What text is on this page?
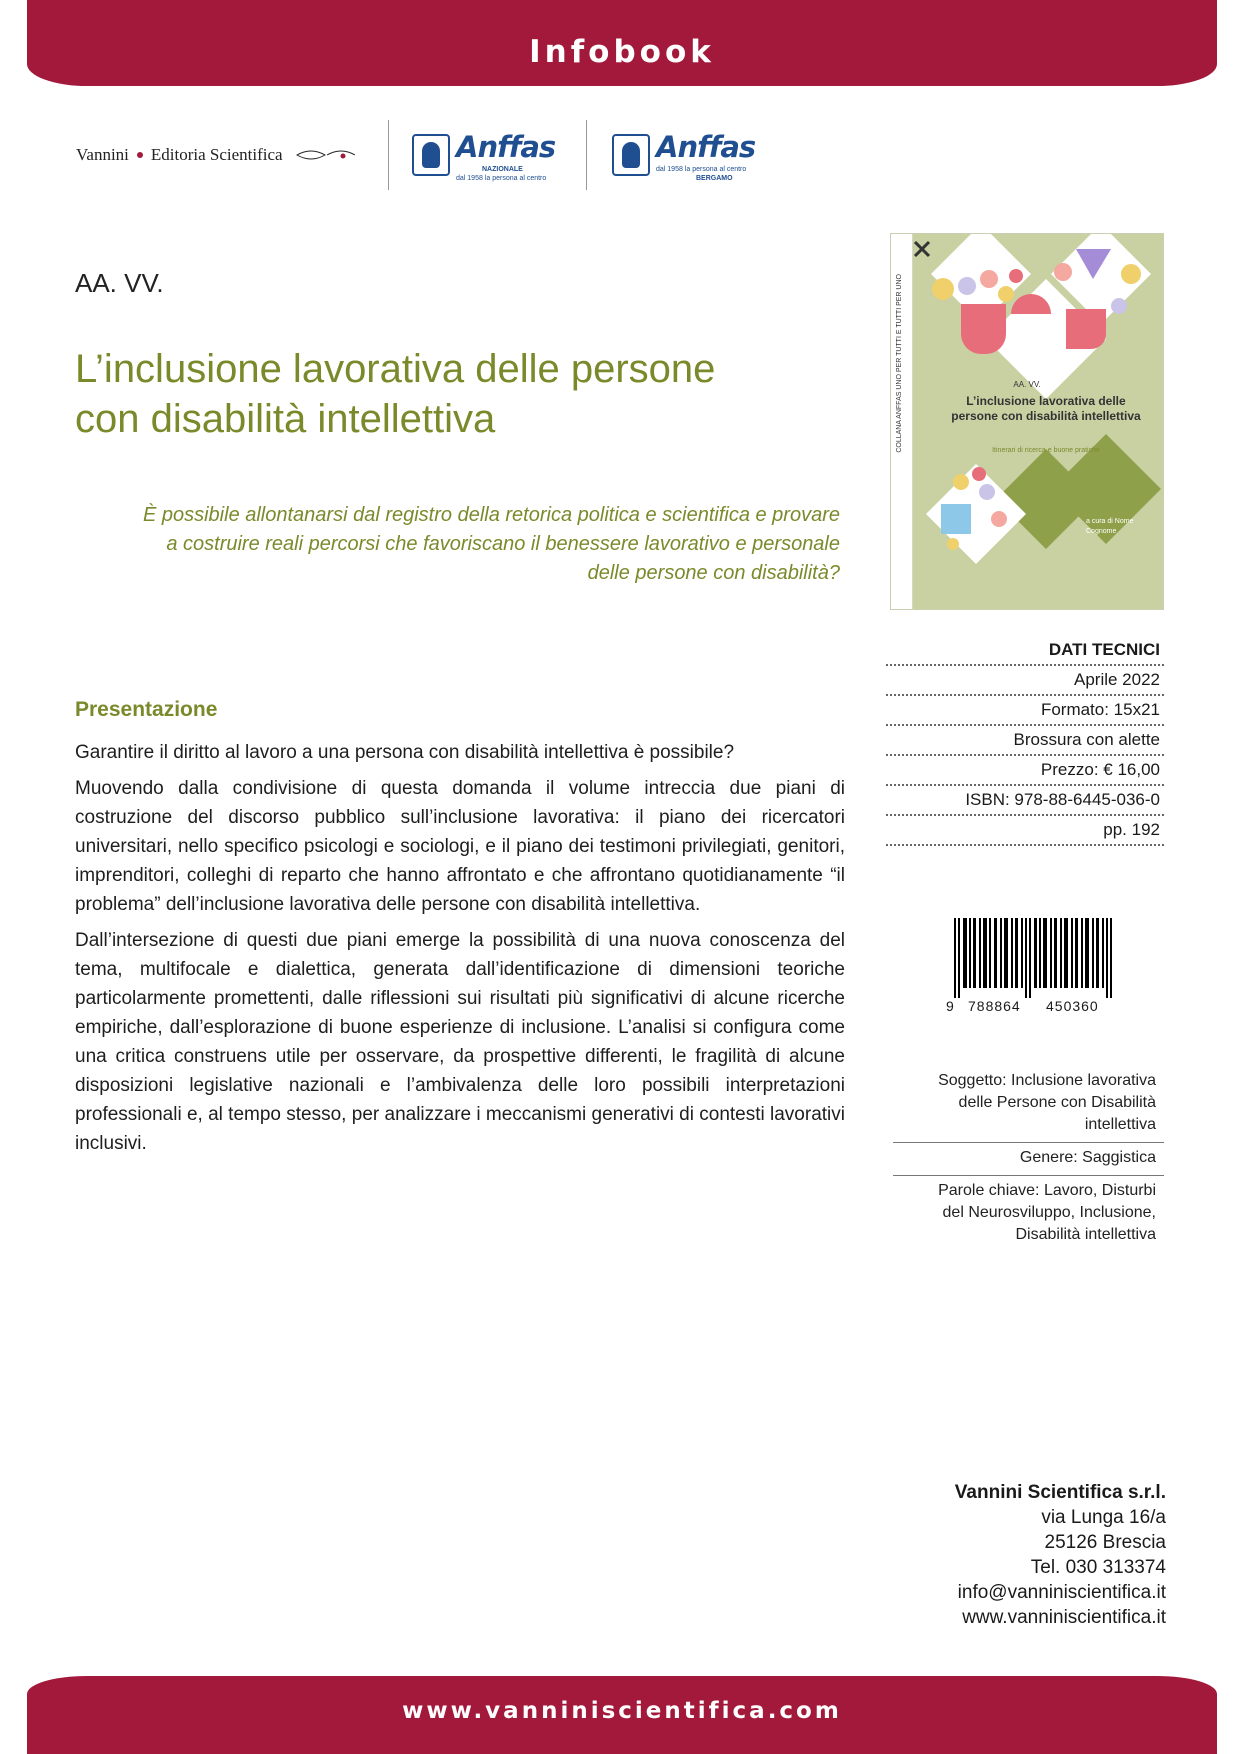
Infobook
Vannini Editoria Scientifica	Anffas
NAZIONALE
dal 1958 la persona al centro
Anffas
dal 1958 la persona al centro
BERGAMO
AA. VV.
L’inclusione lavorativa delle persone
con disabilità intellettiva
È possibile allontanarsi dal registro della retorica politica e scientifica e provare
a costruire reali percorsi che favoriscano il benessere lavorativo e personale
delle persone con disabilità?
Presentazione

Garantire il diritto al lavoro a una persona con disabilità intellettiva è possibile?

Muovendo dalla condivisione di questa domanda il volume intreccia due piani di costruzione del discorso pubblico sull’inclusione lavorativa: il piano dei ricercatori universitari, nello specifico psicologi e sociologi, e il piano dei testimoni privilegiati, genitori, imprenditori, colleghi di reparto che hanno affrontato e che affrontano quotidianamente “il problema” dell’inclusione lavorativa delle persone con disabilità intellettiva.

Dall’intersezione di questi due piani emerge la possibilità di una nuova conoscenza del tema, multifocale e dialettica, generata dall’identificazione di dimensioni teoriche particolarmente promettenti, dalle riflessioni sui risultati più significativi di alcune ricerche empiriche, dall’esplorazione di buone esperienze di inclusione. L’analisi si configura come una critica construens utile per osservare, da prospettive differenti, le fragilità di alcune disposizioni legislative nazionali e l’ambivalenza delle loro possibili interpretazioni professionali e, al tempo stesso, per analizzare i meccanismi generativi di contesti lavorativi inclusivi.

COLLANA ANFFAS UNO PER TUTTI E TUTTI PER UNO	AA. VV.
L’inclusione lavorativa delle persone con disabilità intellettiva
Itinerari di ricerca e buone pratiche
a cura di Nome Cognome
DATI TECNICI
Aprile 2022
Formato: 15x21
Brossura con alette
Prezzo: € 16,00
ISBN: 978-88-6445-036-0
pp. 192
9 788864 450360
Soggetto: Inclusione lavorativa delle Persone con Disabilità intellettiva
Genere: Saggistica
Parole chiave: Lavoro, Disturbi del Neurosviluppo, Inclusione, Disabilità intellettiva
Vannini Scientifica s.r.l.
via Lunga 16/a
25126 Brescia
Tel. 030 313374
info@vanniniscientifica.it
www.vanniniscientifica.it
www.vanniniscientifica.com
